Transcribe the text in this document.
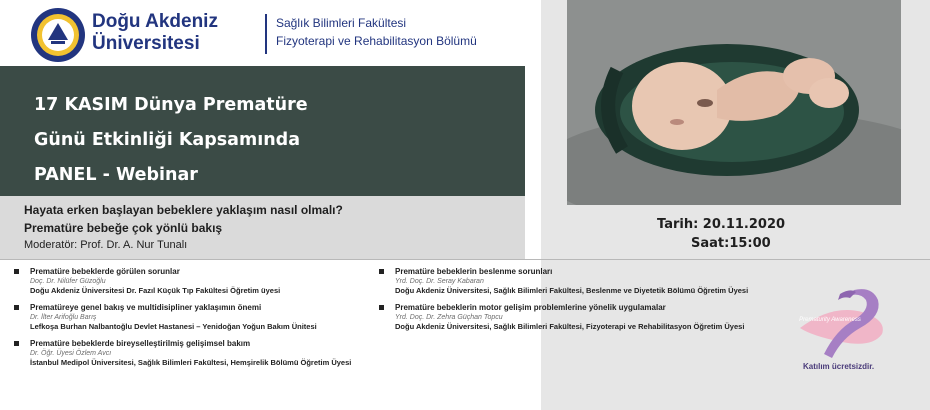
Doğu Akdeniz
Üniversitesi
Sağlık Bilimleri Fakültesi
Fizyoterapi ve Rehabilitasyon Bölümü
17 KASIM Dünya Prematüre
Günü Etkinliği Kapsamında
PANEL - Webinar
Hayata erken başlayan bebeklere yaklaşım nasıl olmalı?
Prematüre bebeğe çok yönlü bakış
Moderatör: Prof. Dr. A. Nur Tunalı
Tarih: 20.11.2020
Saat:15:00
Prematüre bebeklerde görülen sorunlar
Doç. Dr. Nilüfer Güzoğlu
Doğu Akdeniz Üniversitesi Dr. Fazıl Küçük Tıp Fakültesi Öğretim üyesi
Prematüreye genel bakış ve multidisipliner yaklaşımın önemi
Dr. İlter Arifoğlu Barış
Lefkoşa Burhan Nalbantoğlu Devlet Hastanesi – Yenidoğan Yoğun Bakım Ünitesi
Prematüre bebeklerde bireyselleştirilmiş gelişimsel bakım
Dr. Öğr. Üyesi Özlem Avcı
İstanbul Medipol Üniversitesi, Sağlık Bilimleri Fakültesi, Hemşirelik Bölümü Öğretim Üyesi
Prematüre bebeklerin beslenme sorunları
Yrd. Doç. Dr. Seray Kabaran
Doğu Akdeniz Üniversitesi, Sağlık Bilimleri Fakültesi, Beslenme ve Diyetetik Bölümü Öğretim Üyesi
Prematüre bebeklerin motor gelişim problemlerine yönelik uygulamalar
Yrd. Doç. Dr. Zehra Güçhan Topcu
Doğu Akdeniz Üniversitesi, Sağlık Bilimleri Fakültesi, Fizyoterapi ve Rehabilitasyon Öğretim Üyesi
Prematurity Awareness
Katılım ücretsizdir.
